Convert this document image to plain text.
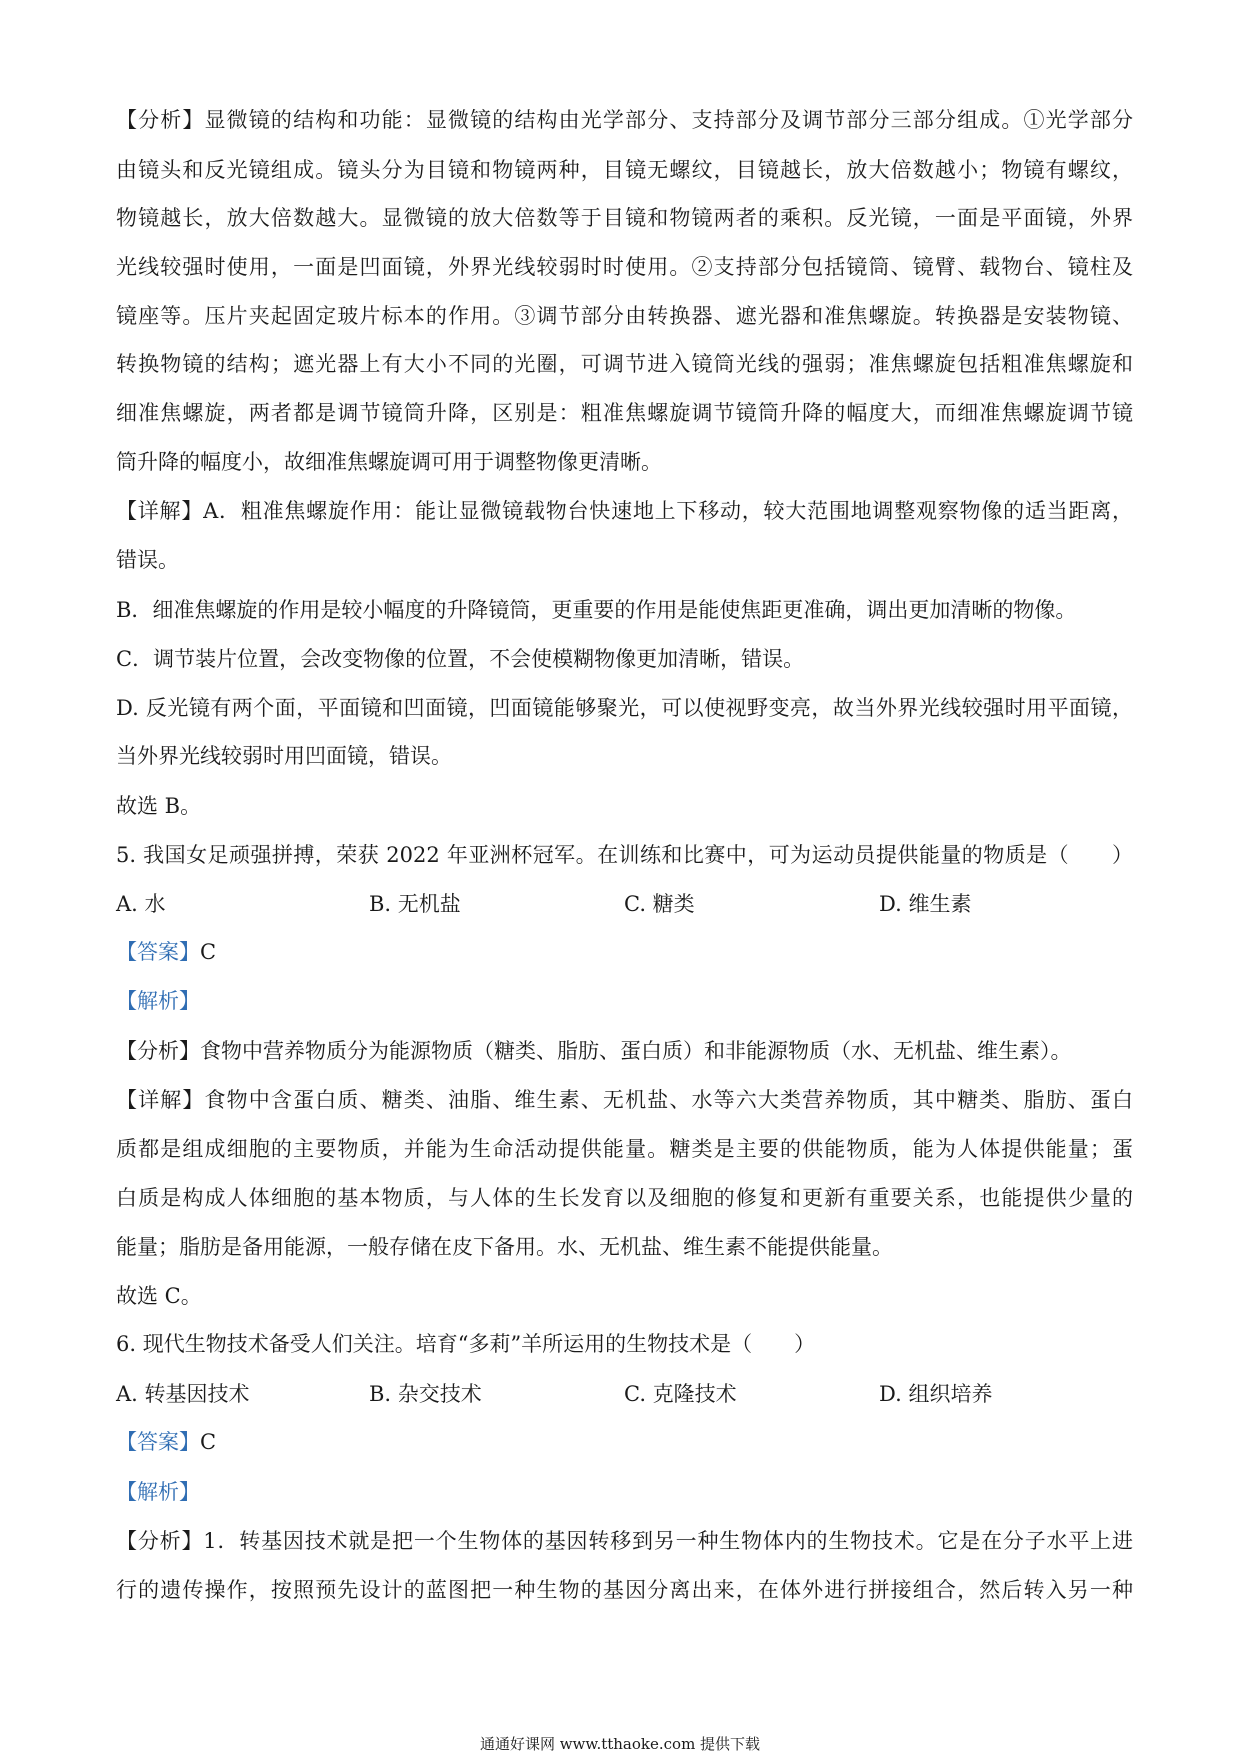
【分析】显微镜的结构和功能：显微镜的结构由光学部分、支持部分及调节部分三部分组成。①光学部分
由镜头和反光镜组成。镜头分为目镜和物镜两种，目镜无螺纹，目镜越长，放大倍数越小；物镜有螺纹，
物镜越长，放大倍数越大。显微镜的放大倍数等于目镜和物镜两者的乘积。反光镜，一面是平面镜，外界
光线较强时使用，一面是凹面镜，外界光线较弱时时使用。②支持部分包括镜筒、镜臂、载物台、镜柱及
镜座等。压片夹起固定玻片标本的作用。③调节部分由转换器、遮光器和准焦螺旋。转换器是安装物镜、
转换物镜的结构；遮光器上有大小不同的光圈，可调节进入镜筒光线的强弱；准焦螺旋包括粗准焦螺旋和
细准焦螺旋，两者都是调节镜筒升降，区别是：粗准焦螺旋调节镜筒升降的幅度大，而细准焦螺旋调节镜
筒升降的幅度小，故细准焦螺旋调可用于调整物像更清晰。
【详解】A．粗准焦螺旋作用：能让显微镜载物台快速地上下移动，较大范围地调整观察物像的适当距离，
错误。
B．细准焦螺旋的作用是较小幅度的升降镜筒，更重要的作用是能使焦距更准确，调出更加清晰的物像。
C．调节装片位置，会改变物像的位置，不会使模糊物像更加清晰，错误。
D. 反光镜有两个面，平面镜和凹面镜，凹面镜能够聚光，可以使视野变亮，故当外界光线较强时用平面镜，
当外界光线较弱时用凹面镜，错误。
故选 B。
5. 我国女足顽强拼搏，荣获 2022 年亚洲杯冠军。在训练和比赛中，可为运动员提供能量的物质是（　　）
A. 水	B. 无机盐	C. 糖类	D. 维生素
【答案】C
【解析】
【分析】食物中营养物质分为能源物质（糖类、脂肪、蛋白质）和非能源物质（水、无机盐、维生素）。
【详解】食物中含蛋白质、糖类、油脂、维生素、无机盐、水等六大类营养物质，其中糖类、脂肪、蛋白
质都是组成细胞的主要物质，并能为生命活动提供能量。糖类是主要的供能物质，能为人体提供能量；蛋
白质是构成人体细胞的基本物质，与人体的生长发育以及细胞的修复和更新有重要关系，也能提供少量的
能量；脂肪是备用能源，一般存储在皮下备用。水、无机盐、维生素不能提供能量。
故选 C。
6. 现代生物技术备受人们关注。培育“多莉”羊所运用的生物技术是（　　）
A. 转基因技术	B. 杂交技术	C. 克隆技术	D. 组织培养
【答案】C
【解析】
【分析】1．转基因技术就是把一个生物体的基因转移到另一种生物体内的生物技术。它是在分子水平上进
行的遗传操作，按照预先设计的蓝图把一种生物的基因分离出来，在体外进行拼接组合，然后转入另一种
通通好课网 www.tthaoke.com 提供下载
